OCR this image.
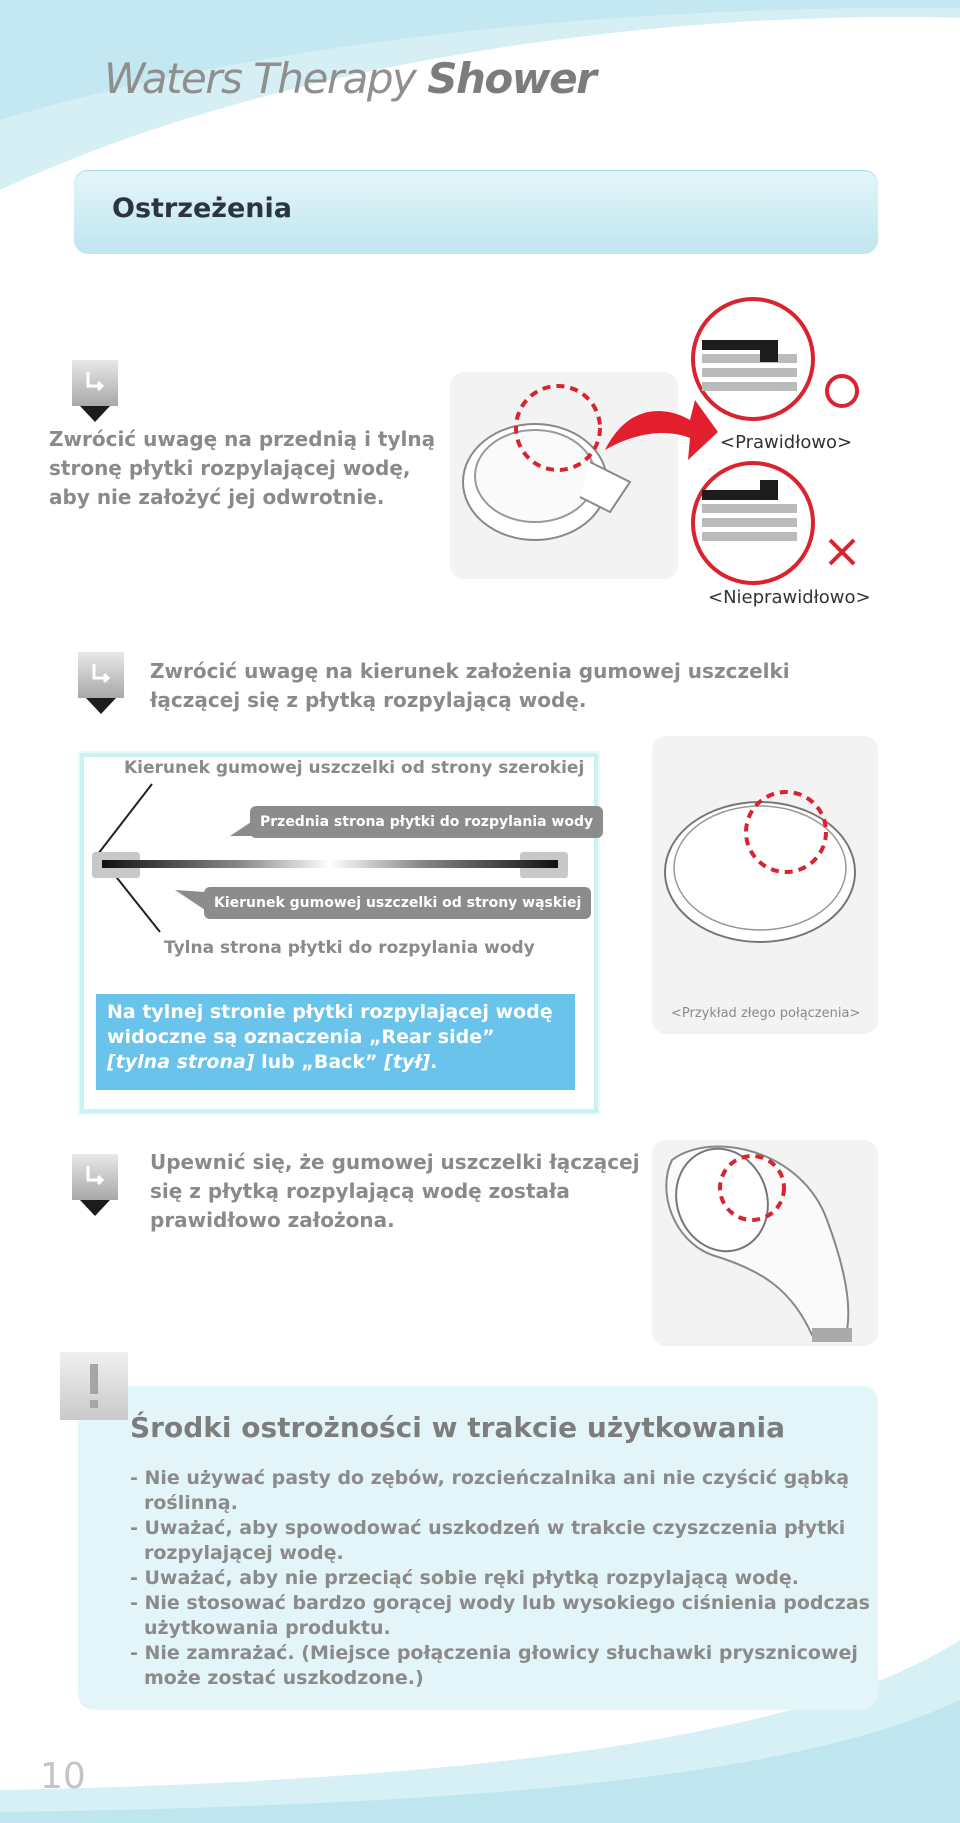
Waters Therapy Shower
Ostrzeżenia
Zwrócić uwagę na przednią i tylną
stronę płytki rozpylającej wodę,
aby nie założyć jej odwrotnie.
<Prawidłowo>
<Nieprawidłowo>
Zwrócić uwagę na kierunek założenia gumowej uszczelki
łączącej się z płytką rozpylającą wodę.
Kierunek gumowej uszczelki od strony szerokiej
Przednia strona płytki do rozpylania wody
Kierunek gumowej uszczelki od strony wąskiej
Tylna strona płytki do rozpylania wody
Na tylnej stronie płytki rozpylającej wodę
widoczne są oznaczenia „Rear side”
[tylna strona] lub „Back” [tył].
<Przykład złego połączenia>
Upewnić się, że gumowej uszczelki łączącej
się z płytką rozpylającą wodę została
prawidłowo założona.
Środki ostrożności w trakcie użytkowania
- Nie używać pasty do zębów, rozcieńczalnika ani nie czyścić gąbką roślinną.
- Uważać, aby spowodować uszkodzeń w trakcie czyszczenia płytki rozpylającej wodę.
- Uważać, aby nie przeciąć sobie ręki płytką rozpylającą wodę.
- Nie stosować bardzo gorącej wody lub wysokiego ciśnienia podczas użytkowania produktu.
- Nie zamrażać. (Miejsce połączenia głowicy słuchawki prysznicowej może zostać uszkodzone.)
10
